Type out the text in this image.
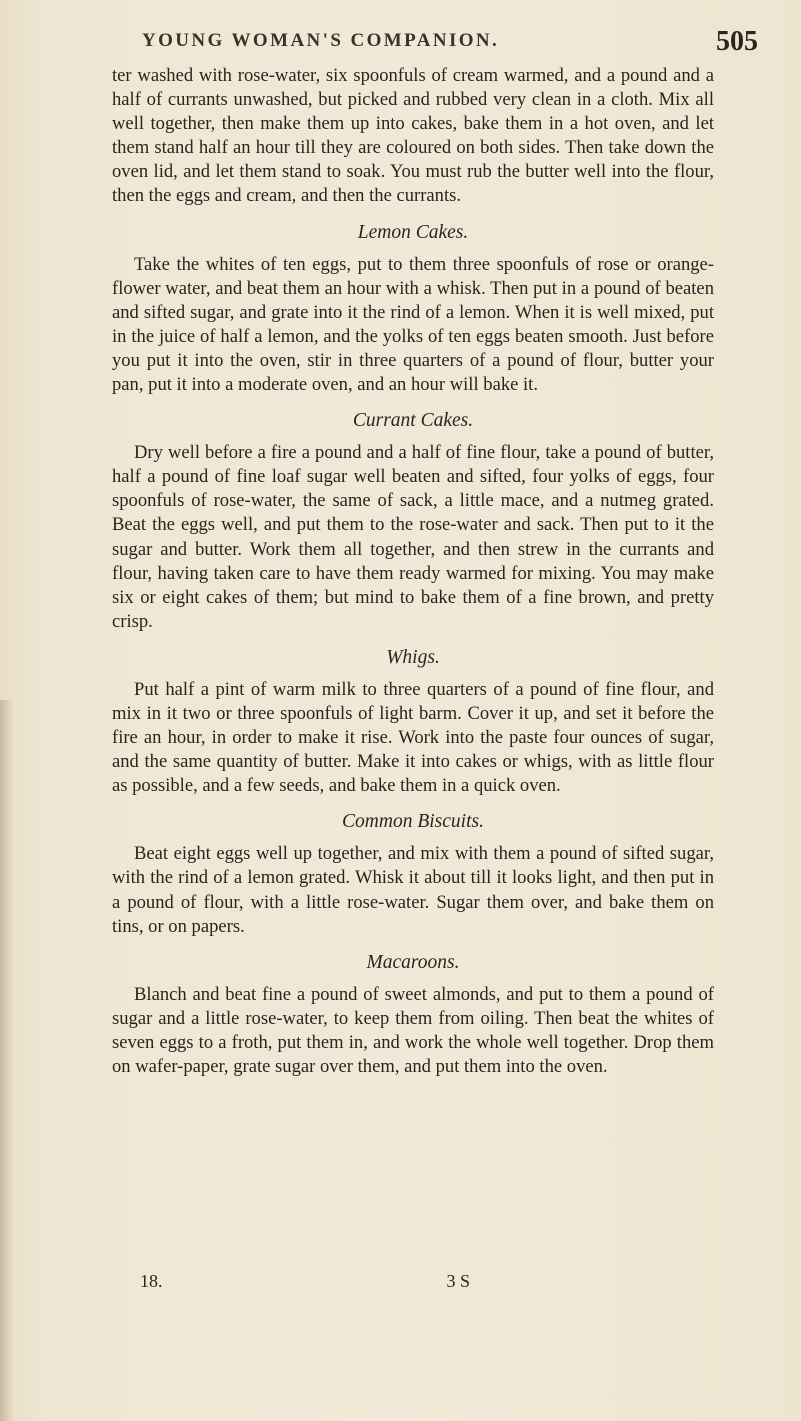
YOUNG WOMAN'S COMPANION.	505

ter washed with rose-water, six spoonfuls of cream warmed, and a pound and a half of currants unwashed, but picked and rubbed very clean in a cloth. Mix all well together, then make them up into cakes, bake them in a hot oven, and let them stand half an hour till they are coloured on both sides. Then take down the oven lid, and let them stand to soak. You must rub the butter well into the flour, then the eggs and cream, and then the currants.

Lemon Cakes.

Take the whites of ten eggs, put to them three spoonfuls of rose or orange-flower water, and beat them an hour with a whisk. Then put in a pound of beaten and sifted sugar, and grate into it the rind of a lemon. When it is well mixed, put in the juice of half a lemon, and the yolks of ten eggs beaten smooth. Just before you put it into the oven, stir in three quarters of a pound of flour, butter your pan, put it into a moderate oven, and an hour will bake it.

Currant Cakes.

Dry well before a fire a pound and a half of fine flour, take a pound of butter, half a pound of fine loaf sugar well beaten and sifted, four yolks of eggs, four spoonfuls of rose-water, the same of sack, a little mace, and a nutmeg grated. Beat the eggs well, and put them to the rose-water and sack. Then put to it the sugar and butter. Work them all together, and then strew in the currants and flour, having taken care to have them ready warmed for mixing. You may make six or eight cakes of them; but mind to bake them of a fine brown, and pretty crisp.

Whigs.

Put half a pint of warm milk to three quarters of a pound of fine flour, and mix in it two or three spoonfuls of light barm. Cover it up, and set it before the fire an hour, in order to make it rise. Work into the paste four ounces of sugar, and the same quantity of butter. Make it into cakes or whigs, with as little flour as possible, and a few seeds, and bake them in a quick oven.

Common Biscuits.

Beat eight eggs well up together, and mix with them a pound of sifted sugar, with the rind of a lemon grated. Whisk it about till it looks light, and then put in a pound of flour, with a little rose-water. Sugar them over, and bake them on tins, or on papers.

Macaroons.

Blanch and beat fine a pound of sweet almonds, and put to them a pound of sugar and a little rose-water, to keep them from oiling. Then beat the whites of seven eggs to a froth, put them in, and work the whole well together. Drop them on wafer-paper, grate sugar over them, and put them into the oven.

18.	3 S
